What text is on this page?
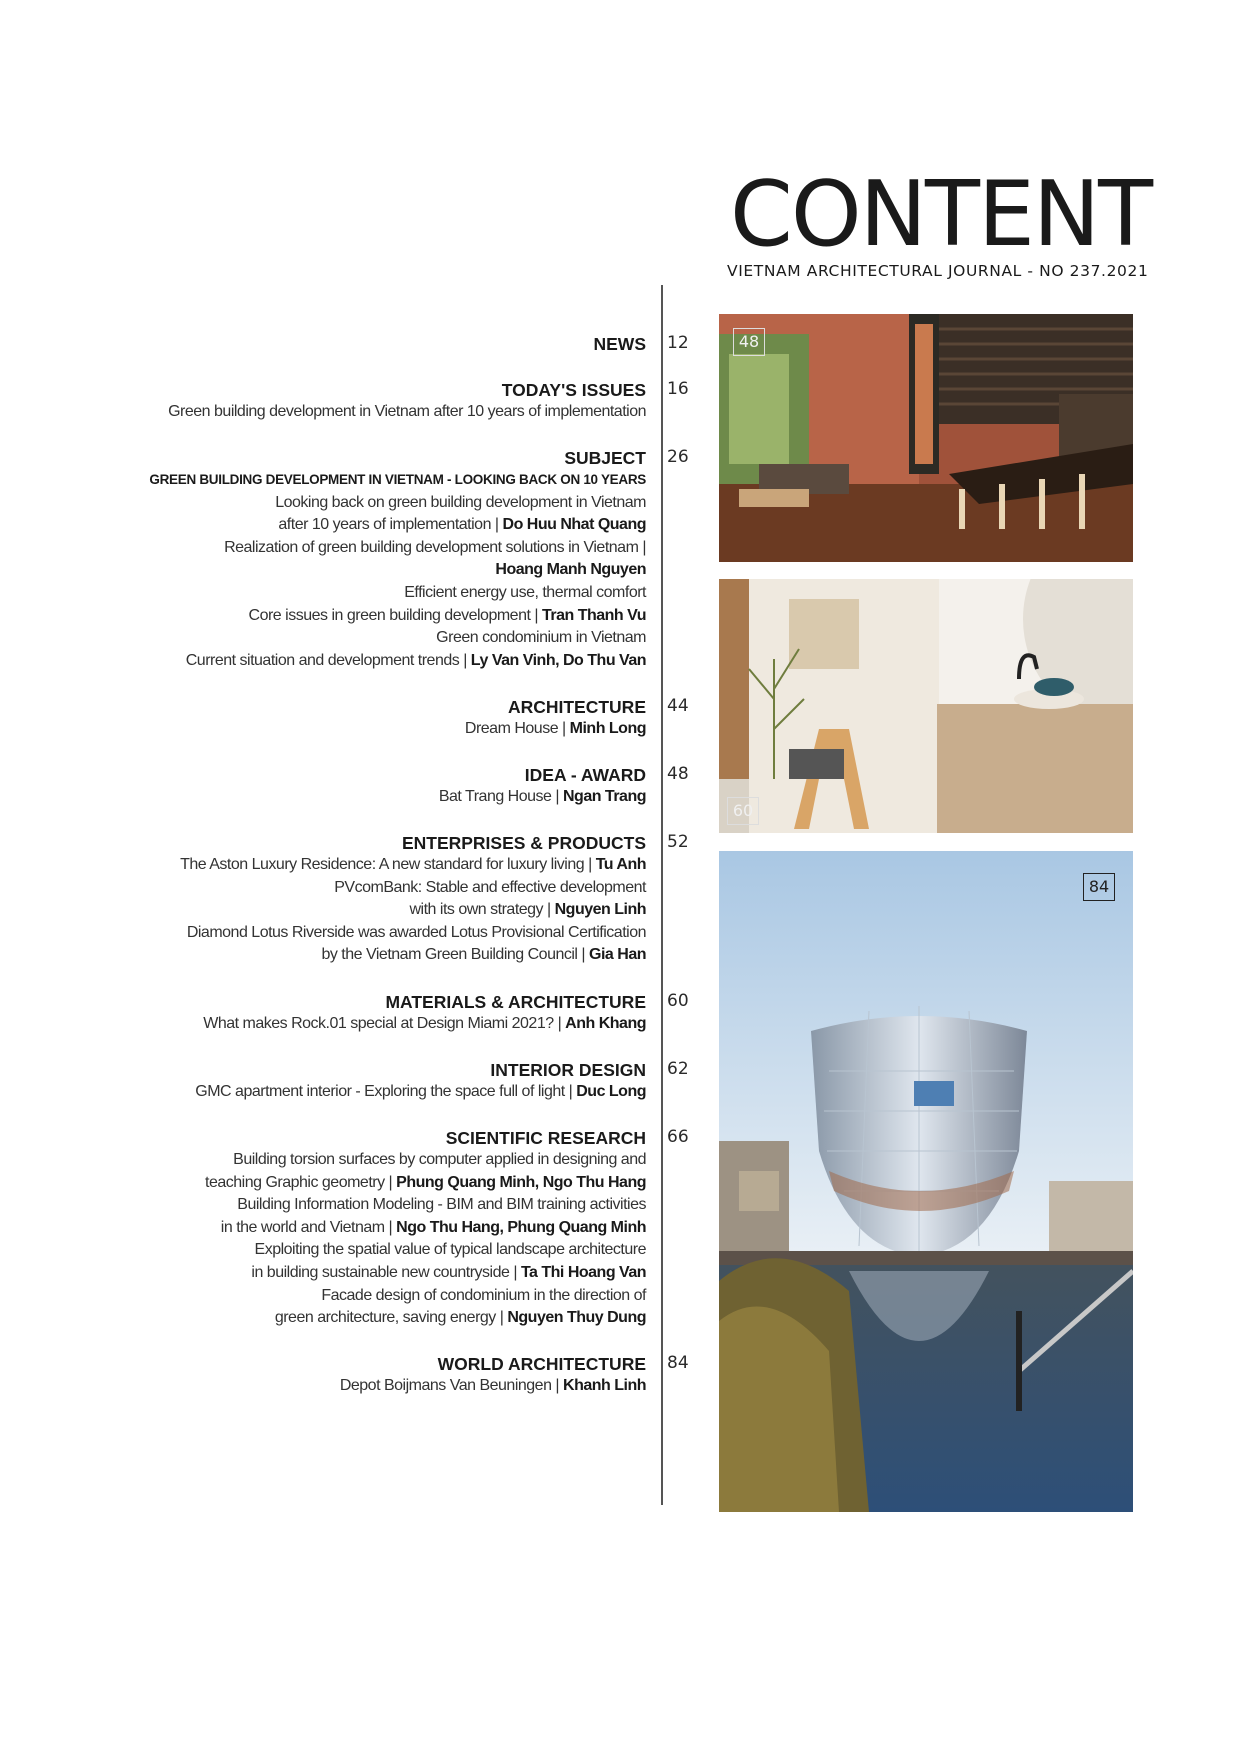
CONTENT
VIETNAM ARCHITECTURAL JOURNAL - NO 237.2021
48
60
84
NEWS 12
TODAY'S ISSUES
Green building development in Vietnam after 10 years of implementation
16
SUBJECT
GREEN BUILDING DEVELOPMENT IN VIETNAM - LOOKING BACK ON 10 YEARS
Looking back on green building development in Vietnam
after 10 years of implementation | Do Huu Nhat Quang
Realization of green building development solutions in Vietnam |
Hoang Manh Nguyen
Efficient energy use, thermal comfort
Core issues in green building development | Tran Thanh Vu
Green condominium in Vietnam
Current situation and development trends | Ly Van Vinh, Do Thu Van
26
ARCHITECTURE
Dream House | Minh Long
44
IDEA - AWARD
Bat Trang House | Ngan Trang
48
ENTERPRISES & PRODUCTS
The Aston Luxury Residence: A new standard for luxury living | Tu Anh
PVcomBank: Stable and effective development
with its own strategy | Nguyen Linh
Diamond Lotus Riverside was awarded Lotus Provisional Certification
by the Vietnam Green Building Council | Gia Han
52
MATERIALS & ARCHITECTURE
What makes Rock.01 special at Design Miami 2021? | Anh Khang
60
INTERIOR DESIGN
GMC apartment interior - Exploring the space full of light | Duc Long
62
SCIENTIFIC RESEARCH
Building torsion surfaces by computer applied in designing and
teaching Graphic geometry | Phung Quang Minh, Ngo Thu Hang
Building Information Modeling - BIM and BIM training activities
in the world and Vietnam | Ngo Thu Hang, Phung Quang Minh
Exploiting the spatial value of typical landscape architecture
in building sustainable new countryside | Ta Thi Hoang Van
Facade design of condominium in the direction of
green architecture, saving energy | Nguyen Thuy Dung
66
WORLD ARCHITECTURE
Depot Boijmans Van Beuningen | Khanh Linh
84
